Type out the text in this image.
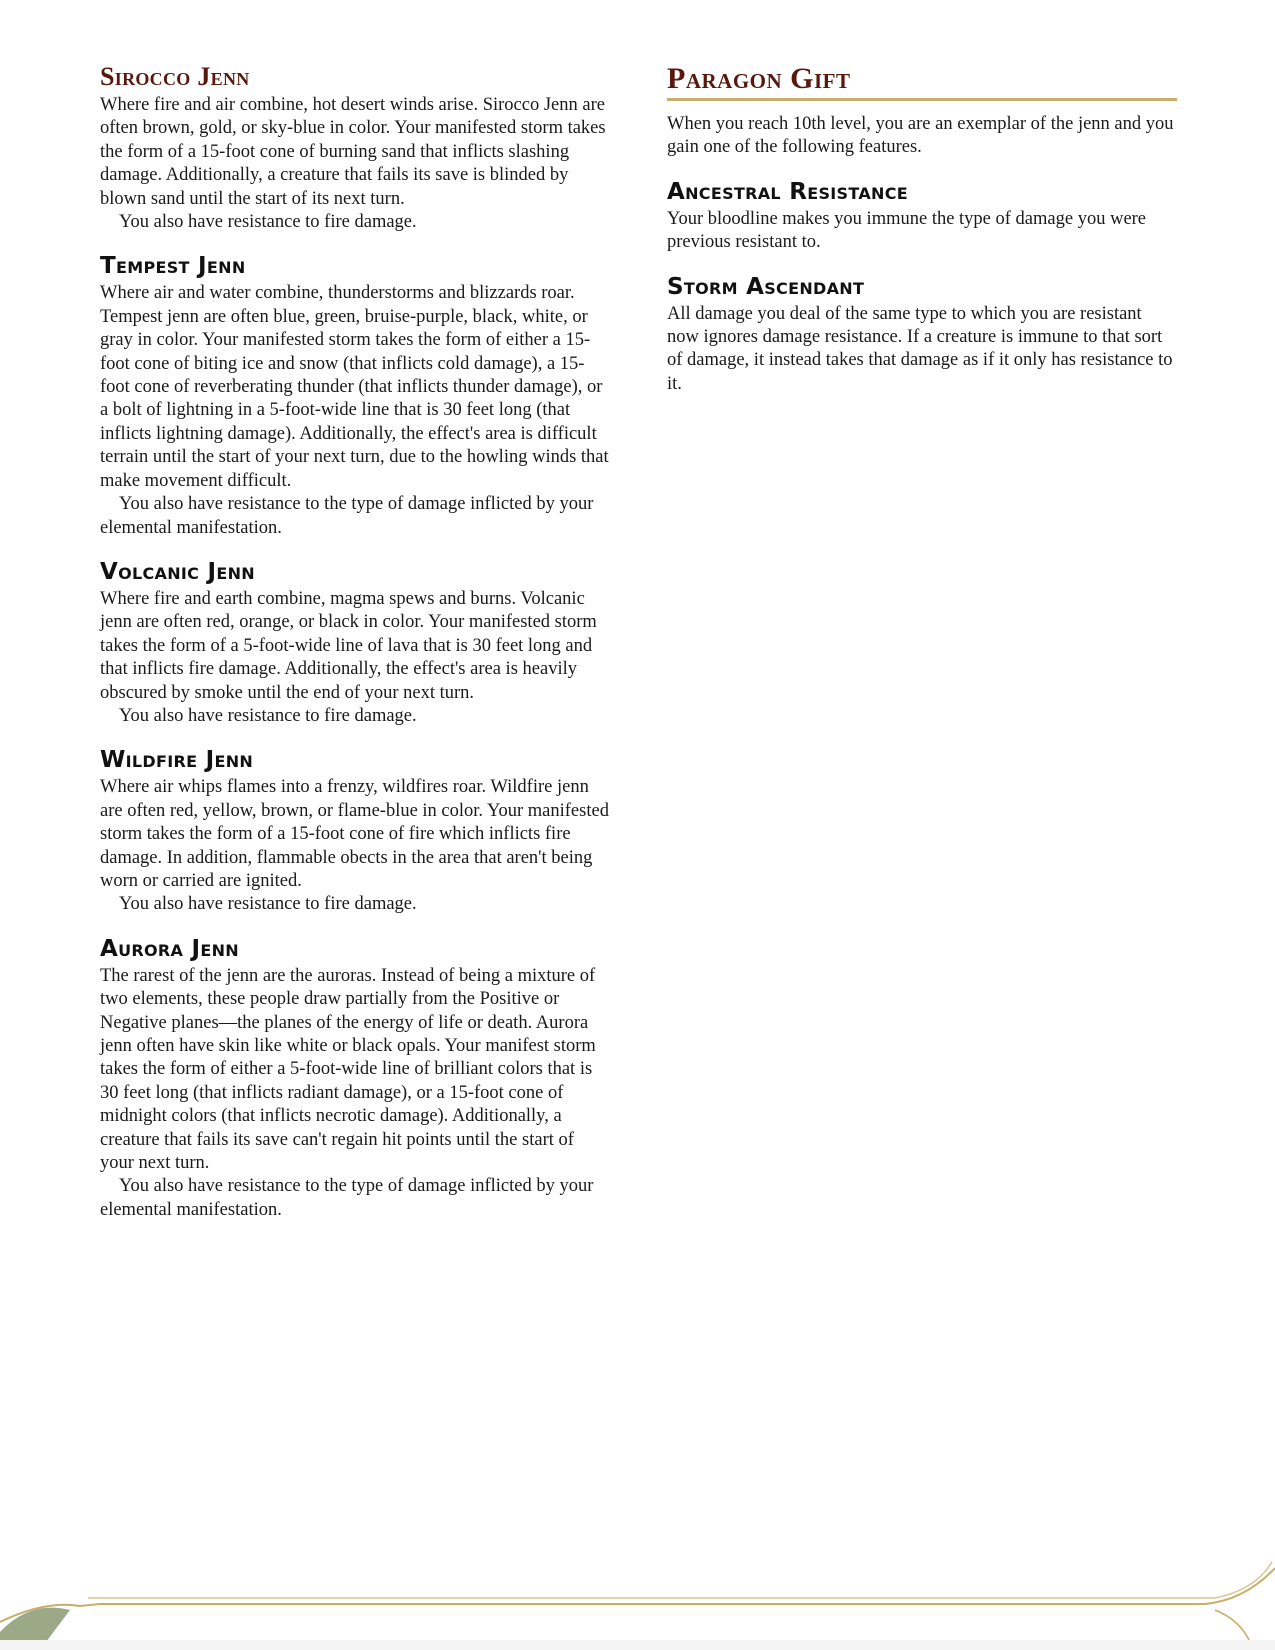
Sirocco Jenn

Where fire and air combine, hot desert winds arise. Sirocco Jenn are often brown, gold, or sky-blue in color. Your manifested storm takes the form of a 15-foot cone of burning sand that inflicts slashing damage. Additionally, a creature that fails its save is blinded by blown sand until the start of its next turn.

You also have resistance to fire damage.

Tempest Jenn

Where air and water combine, thunderstorms and blizzards roar. Tempest jenn are often blue, green, bruise-purple, black, white, or gray in color. Your manifested storm takes the form of either a 15-foot cone of biting ice and snow (that inflicts cold damage), a 15-foot cone of reverberating thunder (that inflicts thunder damage), or a bolt of lightning in a 5-foot-wide line that is 30 feet long (that inflicts lightning damage). Additionally, the effect's area is difficult terrain until the start of your next turn, due to the howling winds that make movement difficult.

You also have resistance to the type of damage inflicted by your elemental manifestation.

Volcanic Jenn

Where fire and earth combine, magma spews and burns. Volcanic jenn are often red, orange, or black in color. Your manifested storm takes the form of a 5-foot-wide line of lava that is 30 feet long and that inflicts fire damage. Additionally, the effect's area is heavily obscured by smoke until the end of your next turn.

You also have resistance to fire damage.

Wildfire Jenn

Where air whips flames into a frenzy, wildfires roar. Wildfire jenn are often red, yellow, brown, or flame-blue in color. Your manifested storm takes the form of a 15-foot cone of fire which inflicts fire damage. In addition, flammable obects in the area that aren't being worn or carried are ignited.

You also have resistance to fire damage.

Aurora Jenn

The rarest of the jenn are the auroras. Instead of being a mixture of two elements, these people draw partially from the Positive or Negative planes—the planes of the energy of life or death. Aurora jenn often have skin like white or black opals. Your manifest storm takes the form of either a 5-foot-wide line of brilliant colors that is 30 feet long (that inflicts radiant damage), or a 15-foot cone of midnight colors (that inflicts necrotic damage). Additionally, a creature that fails its save can't regain hit points until the start of your next turn.

You also have resistance to the type of damage inflicted by your elemental manifestation.

Paragon Gift

When you reach 10th level, you are an exemplar of the jenn and you gain one of the following features.

Ancestral Resistance

Your bloodline makes you immune the type of damage you were previous resistant to.

Storm Ascendant

All damage you deal of the same type to which you are resistant now ignores damage resistance. If a creature is immune to that sort of damage, it instead takes that damage as if it only has resistance to it.
